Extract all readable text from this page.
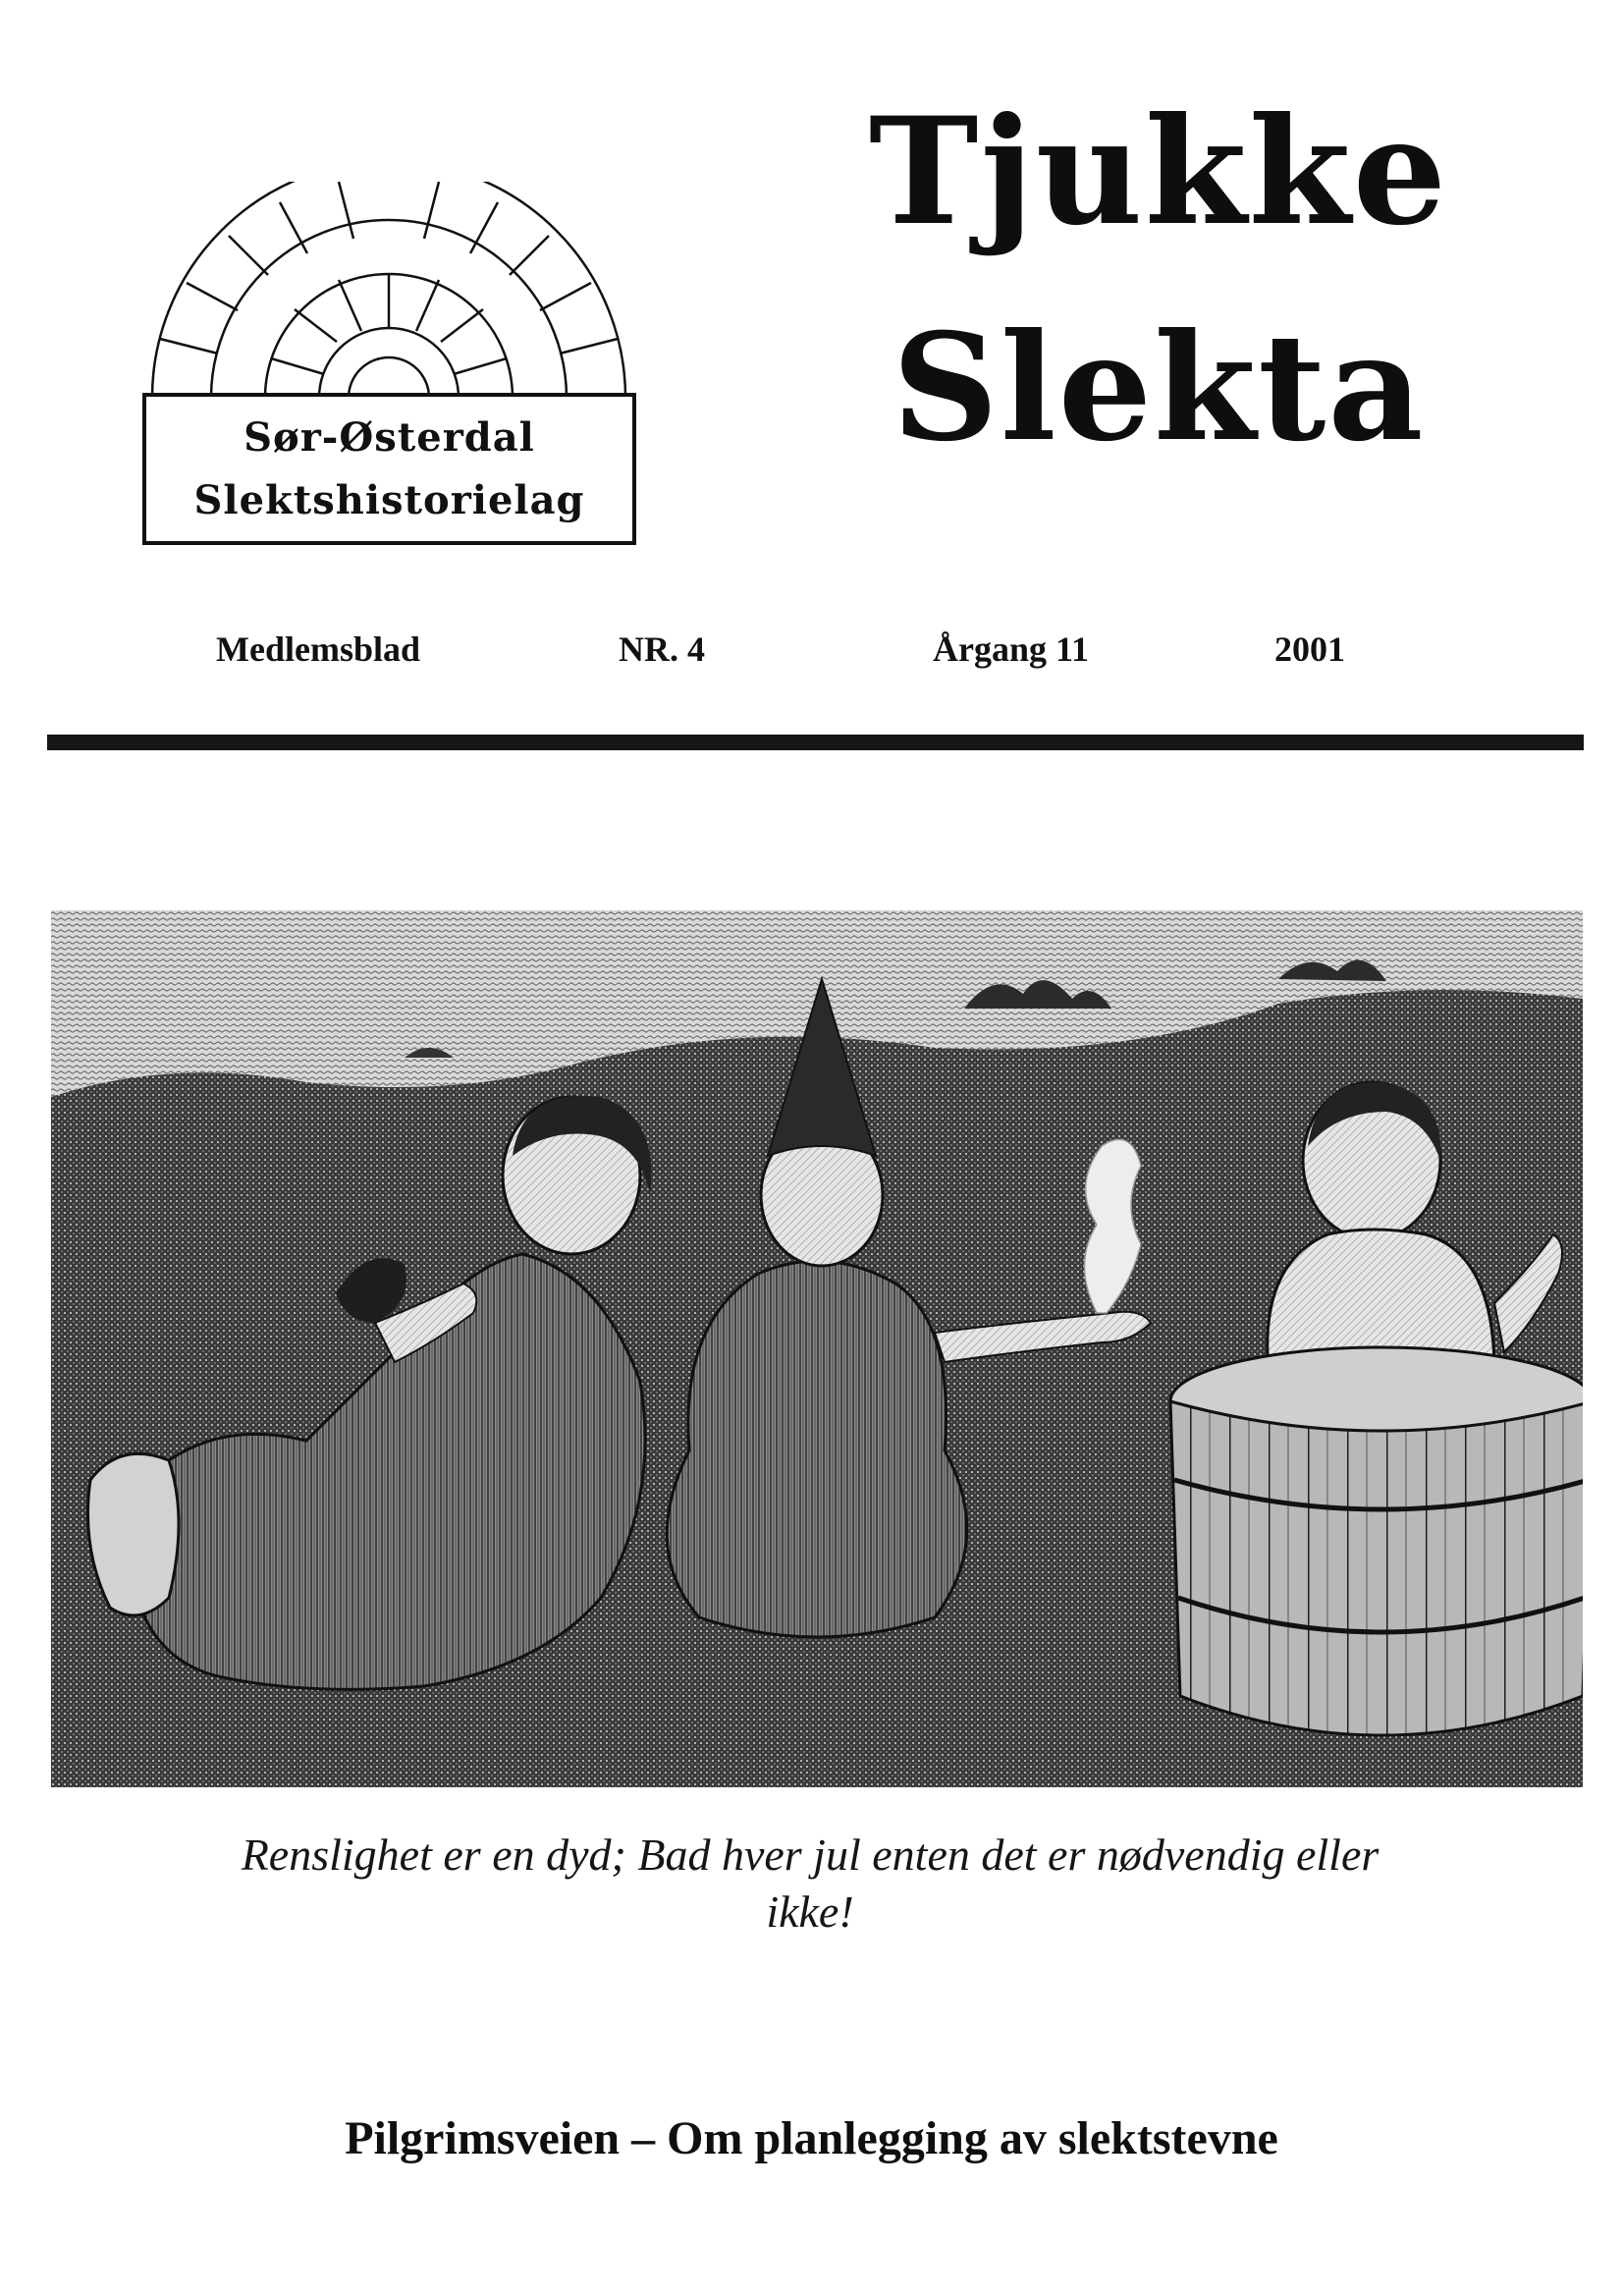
Sør-Østerdal
Slektshistorielag
Tjukke
Slekta
Medlemsblad	NR. 4	Årgang 11	2001
Renslighet er en dyd; Bad hver jul enten det er nødvendig eller ikke!
Pilgrimsveien – Om planlegging av slektstevne
